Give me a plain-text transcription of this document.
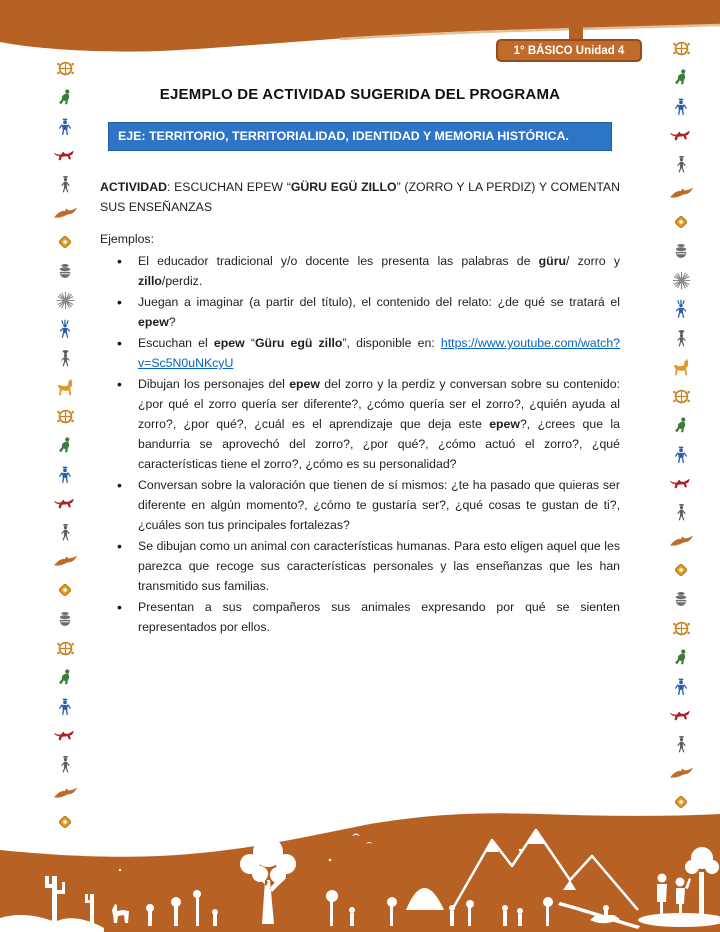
1° BÁSICO Unidad 4
EJEMPLO DE ACTIVIDAD SUGERIDA DEL PROGRAMA
EJE: TERRITORIO, TERRITORIALIDAD, IDENTIDAD Y MEMORIA HISTÓRICA.

ACTIVIDAD: ESCUCHAN EPEW “GÜRU EGÜ ZILLO” (ZORRO Y LA PERDIZ) Y COMENTAN SUS ENSEÑANZAS

Ejemplos:

• El educador tradicional y/o docente les presenta las palabras de güru/ zorro y zillo/perdiz.
• Juegan a imaginar (a partir del título), el contenido del relato: ¿de qué se tratará el epew?
• Escuchan el epew “Güru egü zillo”, disponible en: https://www.youtube.com/watch?v=Sc5N0uNKcyU
• Dibujan los personajes del epew del zorro y la perdiz y conversan sobre su contenido: ¿por qué el zorro quería ser diferente?, ¿cómo quería ser el zorro?, ¿quién ayuda al zorro?, ¿por qué?, ¿cuál es el aprendizaje que deja este epew?, ¿crees que la bandurria se aprovechó del zorro?, ¿por qué?, ¿cómo actuó el zorro?, ¿qué características tiene el zorro?, ¿cómo es su personalidad?
• Conversan sobre la valoración que tienen de sí mismos: ¿te ha pasado que quieras ser diferente en algún momento?, ¿cómo te gustaría ser?, ¿qué cosas te gustan de ti?, ¿cuáles son tus principales fortalezas?
• Se dibujan como un animal con características humanas. Para esto eligen aquel que les parezca que recoge sus características personales y las enseñanzas que les han transmitido sus familias.
• Presentan a sus compañeros sus animales expresando por qué se sienten representados por ellos.
